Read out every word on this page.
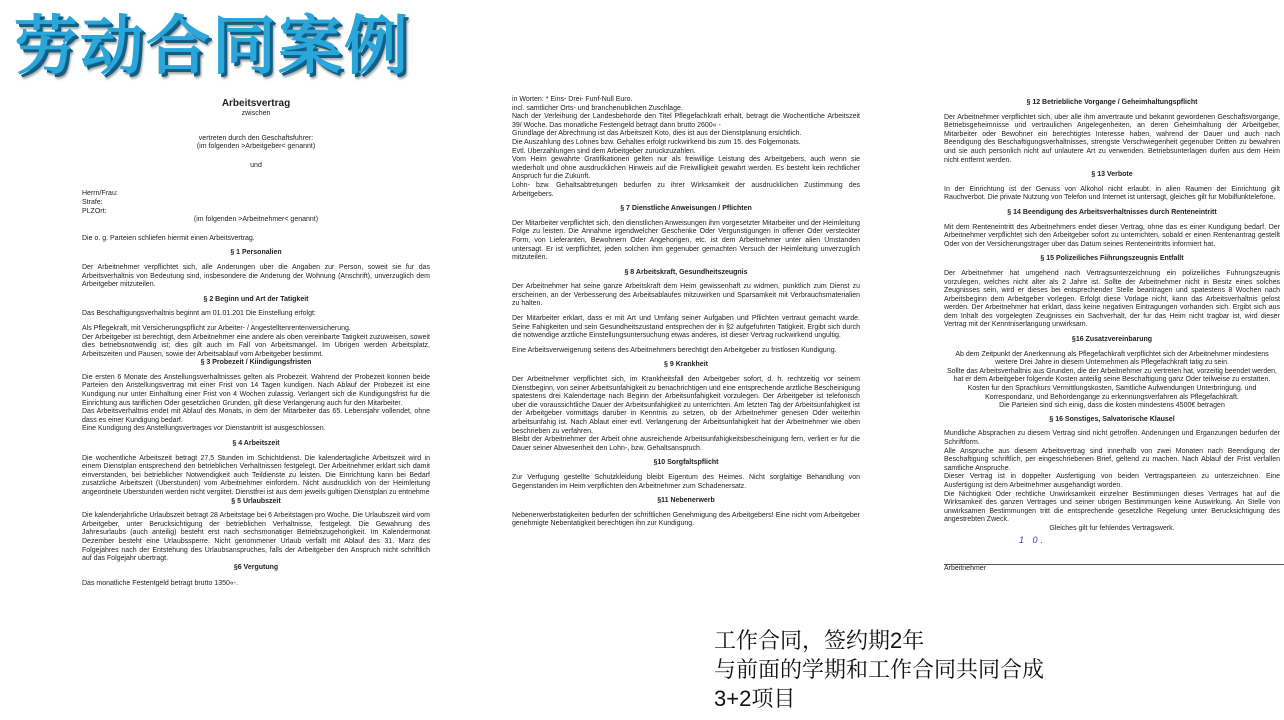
劳动合同案例
Arbeitsvertrag
zwischen
vertreten durch den Geschaftsfuhrer:
(im folgenden >Arbeitgeber< genannt)
und
Herrn/Frau:
Strafe:
PLZOrt:
(im folgenden >Arbeitnehmer< genannt)

Die o. g. Parteien schliefen hiermit einen Arbeitsvertrag.

§ 1 Personalien

Der Arbeitnehmer verpflichtet sich, alle Anderungen uber die Angaben zur Person, soweit sie fur das Arbeitsverhaltnis von Bedeutung sind, insbesondere die Anderung der Wohnung (Anschrift), unverzuglich dem Arbeitgeber mitzuteilen.

§ 2 Beginn und Art der Tatigkeit

Das Beschaftigungsverhaltnis beginnt am 01.01.201 Die Einstellung erfolgt:

Als Pflegekraft, mit Versicherungspflicht zur Arbeiter- / Angestelltenrentenversicherung.

Der Arbeitgeber ist berechtigt, dem Arbeitnehmer eine andere als oben vereinbarte Tatigkeit zuzuweisen, soweit dies betriebsnotwendig ist; dies gilt auch im Fall von Arbeitsmangel. Im Ubrigen werden Arbeitsplatz, Arbeitszeiten und Pausen, sowie der Arbeitsablauf vom Arbeitgeber bestimmt.

§ 3 Probezeit / Kiindigungsfristen

Die ersten 6 Monate des Anstellungsverhaltnisses gelten als Probezeit. Wahrend der Probezeit konnen beide Parteien den Anstellungsvertrag mit einer Frist von 14 Tagen kundigen. Nach Ablauf der Probezeit ist eine Kundigung nur unter Einhaltung einer Frist von 4 Wochen zulassig. Verlangert sich die Kundigungsfrist fur die Einrichtung aus tariflichen Oder gesetzlichen Grunden, gilt diese Verlangerung auch fur den Mitarbeiter.

Das Arbeitsverhaltnis endet mit Ablauf des Monats, in dem der Mitarbeiter das 65. Lebensjahr vollendet, ohne dass es einer Kundigung bedarf.

Eine Kundigung des Anstellungsvertrages vor Dienstantritt ist ausgeschlossen.

§ 4 Arbeitszeit

Die wochentliche Arbeitszeit betragt 27,5 Stunden im Schichtdienst. Die kalendertagliche Arbeitszeit wird in einem Dienstplan entsprechend den betrieblichen Verhaltnissen festgelegt. Der Arbeitnehmer erklart sich damit einverstanden, bei betrieblicher Notwendigkeit auch Teildienste zu leisten. Die Einrichtung kann bei Bedarf zusatzliche Arbeitszeit (Uberstunden) vom Arbeitnehmer einfordern. Nicht ausdrucklich von der Heimleitung angeordnete Uberstunden werden nicht vergiitet. Dienstfrei ist aus dem jeweils gultigen Dienstplan zu entnehme

§ 5 Urlaubszeit

Die kalenderjahrliche Urlaubszeit betragt 28 Arbeitstage bei 6 Arbeitstagen pro Woche. Die Urlaubszeit wird vom Arbeitgeber, unter Berucksichtigung der betrieblichen Verhaltnisse, festgelegt. Die Gewahrung des Jahresurlaubs (auch anteilig) besteht erst nach sechsmonatiger Betriebszugehorigkeit. Im Kalendermonat Dezember besteht eine Urlaubssperre. Nicht genommener Urlaub verfallt mit Ablauf des 31. Marz des Folgejahres nach der Entstehung des Urlaubsanspruches, falls der Arbeitgeber den Anspruch nicht schriftlich auf das Folgejahr ubertragt.

§6 Vergutung

Das monatliche Festentgeld betragt brutto 1350«-.

in Worten: * Eins- Drei- Funf-Null Euro.
incl. samtlicher Orts- und branchenublichen Zuschlage.

Nach der Verleihung der Landesbehorde den Titel Pflegefachkraft erhalt, betragt die Wochentliche Arbeitszeit 39/ Woche. Das monatliche Festengeld betragt dann brutto 2600« -

Grundlage der Abrechnung ist das Arbeitszeit Koto, dies ist aus der Dienstplanung ersichtlich.
Die Auszahlung des Lohnes bzw. Gehaltes erfolgt ruckwirkend bis zum 15. des Folgemonats.
Evtl. Uberzahlungen sind dem Arbeitgeber zuruckzuzahlen.

Vom Heim gewahrte Gratifikationen gelten nur als freiwillige Leistung des Arbeitgebers, auch wenn sie wiederholt und ohne ausdrucklichen Hinweis auf die Freiwilligkeit gewahrt werden. Es besteht kein rechtlicher Anspruch fur die Zukunft.

Lohn- bzw. Gehaltsabtretungen bedurfen zu ihrer Wirksamkeit der ausdrucklichen Zustimmung des Arbeitgebers.

§ 7 Dienstliche Anweisungen / Pflichten

Der Mitarbeiter verpflichtet sich, den dienstlichen Anweisungen ihm vorgesetzter Mitarbeiter und der Heimleitung Folge zu leisten. Die Annahme irgendwelcher Geschenke Oder Vergunstigungen in offener Oder versteckter Form, von Lieferanten, Bewohnern Oder Angehorigen, etc. ist dem Arbeitnehmer unter alien Umstanden untersagt. Er ist verpflichtet, jeden solchen ihm gegenuber gemachten Versuch der Heimleitung unverzuglich mitzuteilen.

§ 8 Arbeitskraft, Gesundheitszeugnis

Der Arbeitnehmer hat seine ganze Arbeitskraft dem Heim gewissenhaft zu widmen, punktlich zum Dienst zu erscheinen, an der Verbesserung des Arbeitsablaufes mitzuwirken und Sparsamkeit mit Verbrauchsmaterialien zu halten.

Der Mitarbeiter erklart, dass er mit Art und Umfang seiner Aufgaben und Pflichten vertraut gemacht wurde. Seine Fahigkeiten und sein Gesundheitszustand entsprechen der in §2 aufgefuhrten Tatigkeit. Ergibt sich durch die notwendige arztliche Einstellungsuntersuchung etwas anderes, ist dieser Vertrag ruckwirkend ungultig.

Eine Arbeitsverweigerung seitens des Arbeitnehmers berechtigt den Arbeitgeber zu fristlosen Kundigung.

§ 9 Krankheit

Der Arbeitnehmer verpflichtet sich, im Krankheitsfall den Arbeitgeber sofort, d. h. rechtzeitig vor seinem Dienstbeginn, von seiner Arbeitsunfahigkeit zu benachrichtigen und eine entsprechende arztliche Bescheinigung spatestens drei Kalendertage nach Beginn der Arbeitsunfahigkeit vorzulegen. Der Arbeitgeber ist telefonisch uber die voraussichtliche Dauer der Arbeitsunfahigkeit zu unterrichten. Am letzten Tag der Arbeitsunfahigkeit ist der Arbeitgeber vormittags daruber in Kenntnis zu setzen, ob der Arbeitnehmer genesen Oder weiterhin arbeitsunfahig ist. Nach Ablaut einer evtl. Verlangerung der Arbeitsunfahigkeit hat der Arbeitnehmer wie oben beschrieben zu verfahren.

Bleibt der Arbeitnehmer der Arbeit ohne ausreichende Arbeitsunfahigkeitsbescheinigung fern, verliert er fur die Dauer seiner Abwesenheit den Lohn-, bzw. Gehaltsanspruch.

§10 Sorgfaltspflicht

Zur Verfugung gestellte Schutzkleidung bleibt Eigentum des Heimes. Nicht sorgfaltige Behandlung von Gegenstanden im Heim verpflichten den Arbeitnehmer zum Schadenersatz.

§11 Nebenerwerb

Nebenerwerbstatigkeiten bedurfen der schriftlichen Genehmigung des Arbeitgebers! Eine nicht vom Arbeitgeber genehmigte Nebentatigkeit berechtigen ihn zur Kundigung.

§ 12 Betriebliche Vorgange / Geheimhaltungspflicht

Der Arbeitnehmer verpflichtet sich, uber alle ihm anvertraute und bekannt gewordenen Geschaftsvorgange, Betriebsgeheimnisse und vertraulichen Angelegenheiten, an deren Geheimhaltung der Arbeitgeber, Mitarbeiter oder Bewohner ein berechtigtes Interesse haben, wahrend der Dauer und auch nach Beendigung des Beschaftigungsverhaltnisses, strengste Verschwiegenheit gegenuber Dritten zu bewahren und sie auch personlich nicht auf unlautere Art zu verwenden. Betriebsunterlagen durfen aus dem Heim nicht entfernt werden.

§ 13 Verbote

In der Einrichtung ist der Genuss von Alkohol nicht erlaubt. in alien Raumen der Einrichtung gilt Rauchverbot. Die private Nutzung von Telefon und Internet ist untersagt, gleiches gilt fur Mobilfunktelefone.

§ 14 Beendigung des Arbeitsverhaltnisses durch Renteneintritt

Mit dem Renteneintritt des Arbeitnehmers endet dieser Vertrag, ohne das es einer Kundigung bedarf. Der Arbeitnehmer verpflichtet sich den Arbeitgeber sofort zu unterrichten, sobald er einen Rentenantrag gestellt Oder von der Versicherungstrager uber das Datum seines Renteneintritts informiert hat.

§ 15 Polizeiliches Fiihrungszeugnis Entfallt

Der Arbeitnehmer hat umgehend nach Vertragsunterzeichnung ein polizeiliches Fuhrungszeugnis vorzulegen, welches nicht alter als 2 Jahre ist. Sollte der Arbeitnehmer nicht in Besitz eines solches Zeugnisses sein, wird er dieses bei entsprechender Stelle beantragen und spatestens 8 Wochen nach Arbeitsbeginn dem Arbeitgeber vorlegen. Erfolgt diese Vorlage nicht, kann das Arbeitsverhaltnis gelost werden. Der Arbeitnehmer hat erklart, dass keine negativen Eintragungen vorhanden sich. Ergibt sich aus dem Inhalt des vorgelegten Zeugnisses ein Sachverhalt, der fur das Heim nicht tragbar ist, wird dieser Vertrag mit der Kenntniserlangung unwirksam.

§16 Zusatzvereinbarung
Ab dem Zeitpunkt der Anerkennung als Pflegefachkraft verpflichtet sich der Arbeitnehmer mindestens weitere Drei Jahre in diesem Unternehmen als Pflegefachkraft tatig zu sein.
Sollte das Arbeitsverhaltnis aus Grunden, die der Arbeitnehmer zu vertreten hat, vorzeitig beendet werden, hat er dem Arbeitgeber folgende Kosten anteilig seine Beschaftigung ganz Oder teilweise zu erstatten.
Kosten fur den Sprachkurs Vermittlungskosten, Samtliche Aufwendungen Unterbringung. und Korrespondanz, und Behordengange zu erkennungsverfahren als Pflegefachkraft.
Die Parteien sind sich einig, dass die kosten mindestens 4500€ betragen
§ 16 Sonstiges, Salvatorische Klausel

Mundliche Absprachen zu diesem Vertrag sind nicht getroffen. Anderungen und Erganzungen bedurfen der Schriftform.

Alle Anspruche aus diesem Arbeitsvertrag sind innerhalb von zwei Monaten nach Beendigung der Beschaftigung schriftlich, per eingeschriebenen Brief, geltend zu machen. Nach Ablauf der Frist verfallen samtliche Anspruche.

Dieser Vertrag ist in doppelter Ausfertigung von beiden Vertragsparteien zu unterzeichnen. Eine Ausfertigung ist dem Arbeitnehmer ausgehandigt worden.

Die Nichtigkeit Oder rechtliche Unwirksamkeit einzelner Bestimmungen dieses Vertrages hat auf die Wirksamkeit des ganzen Vertrages und seiner ubrigen Bestimmungen keine Auswirkung. An Stelle von unwirksamen Bestimmungen tritt die entsprechende gesetzliche Regelung unter Berucksichtigung des angestrebten Zweck.

Gleiches gilt fur fehlendes Vertragswerk.
1 0.
Arbeitnehmer
工作合同，签约期2年
与前面的学期和工作合同共同合成
3+2项目
